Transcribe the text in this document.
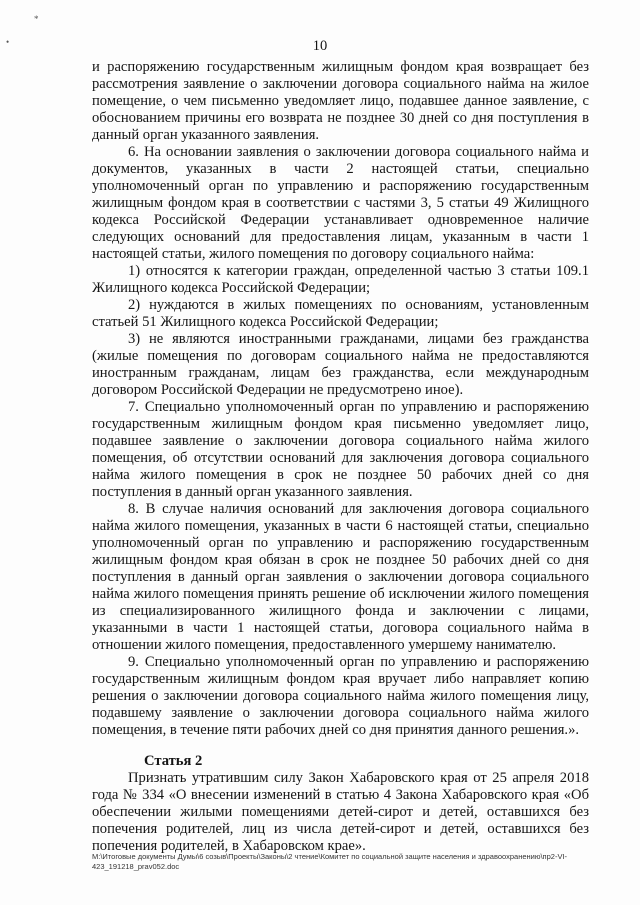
*
•	10

и распоряжению государственным жилищным фондом края возвращает без рассмотрения заявление о заключении договора социального найма на жилое помещение, о чем письменно уведомляет лицо, подавшее данное заявление, с обоснованием причины его возврата не позднее 30 дней со дня поступления в данный орган указанного заявления.

6. На основании заявления о заключении договора социального найма и документов, указанных в части 2 настоящей статьи, специально уполномоченный орган по управлению и распоряжению государственным жилищным фондом края в соответствии с частями 3, 5 статьи 49 Жилищного кодекса Российской Федерации устанавливает одновременное наличие следующих оснований для предоставления лицам, указанным в части 1 настоящей статьи, жилого помещения по договору социального найма:

1) относятся к категории граждан, определенной частью 3 статьи 109.1 Жилищного кодекса Российской Федерации;

2) нуждаются в жилых помещениях по основаниям, установленным статьей 51 Жилищного кодекса Российской Федерации;

3) не являются иностранными гражданами, лицами без гражданства (жилые помещения по договорам социального найма не предоставляются иностранным гражданам, лицам без гражданства, если международным договором Российской Федерации не предусмотрено иное).

7. Специально уполномоченный орган по управлению и распоряжению государственным жилищным фондом края письменно уведомляет лицо, подавшее заявление о заключении договора социального найма жилого помещения, об отсутствии оснований для заключения договора социального найма жилого помещения в срок не позднее 50 рабочих дней со дня поступления в данный орган указанного заявления.

8. В случае наличия оснований для заключения договора социального найма жилого помещения, указанных в части 6 настоящей статьи, специально уполномоченный орган по управлению и распоряжению государственным жилищным фондом края обязан в срок не позднее 50 рабочих дней со дня поступления в данный орган заявления о заключении договора социального найма жилого помещения принять решение об исключении жилого помещения из специализированного жилищного фонда и заключении с лицами, указанными в части 1 настоящей статьи, договора социального найма в отношении жилого помещения, предоставленного умершему нанимателю.

9. Специально уполномоченный орган по управлению и распоряжению государственным жилищным фондом края вручает либо направляет копию решения о заключении договора социального найма жилого помещения лицу, подавшему заявление о заключении договора социального найма жилого помещения, в течение пяти рабочих дней со дня принятия данного решения.».

Статья 2

Признать утратившим силу Закон Хабаровского края от 25 апреля 2018 года № 334 «О внесении изменений в статью 4 Закона Хабаровского края «Об обеспечении жилыми помещениями детей-сирот и детей, оставшихся без попечения родителей, лиц из числа детей-сирот и детей, оставшихся без попечения родителей, в Хабаровском крае».

M:\Итоговые документы Думы\6 созыв\Проекты\Законы\2 чтение\Комитет по социальной защите населения и здравоохранению\пр2-VI-423_191218_prav052.doc
